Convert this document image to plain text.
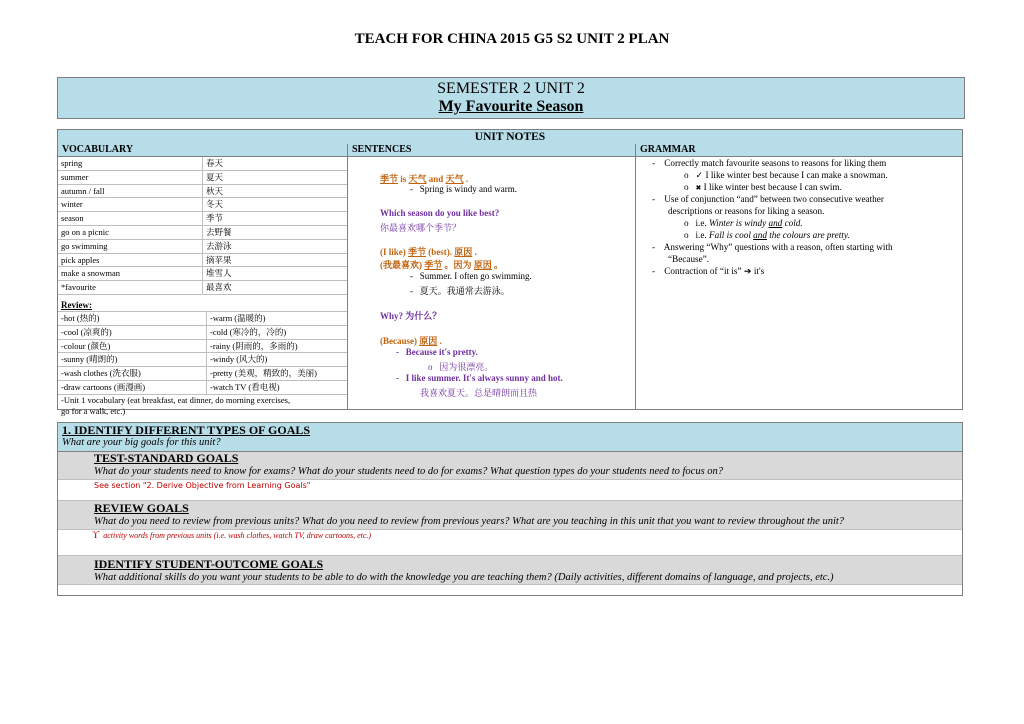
TEACH FOR CHINA 2015 G5 S2 UNIT 2 PLAN
SEMESTER 2 UNIT 2
My Favourite Season
UNIT NOTES
VOCABULARY
spring	春天
summer	夏天
autumn / fall	秋天
winter	冬天
season	季节
go on a picnic	去野餐
go swimming	去游泳
pick apples	摘苹果
make a snowman	堆雪人
*favourite	最喜欢
Review:
-hot (热的)	-warm (温暖的)
-cool (凉爽的)	-cold (寒冷的，冷的)
-colour (颜色)	-rainy (阴雨的，多雨的)
-sunny (晴朗的)	-windy (风大的)
-wash clothes (洗衣服)	-pretty (美观，精致的，美丽)
-draw cartoons (画漫画)	-watch TV (看电视)
-Unit 1 vocabulary (eat breakfast, eat dinner, do morning exercises,
go for a walk, etc.)
SENTENCES
季节 is 天气 and 天气 .
- Spring is windy and warm.
Which season do you like best?
你最喜欢哪个季节？
(I like) 季节 (best). 原因 .
(我最喜欢) 季节 。因为 原因 。
- Summer. I often go swimming.
- 夏天。我通常去游泳。
Why? 为什么？
(Because) 原因 .
- Because it's pretty.
o 因为很漂亮。
- I like summer. It's always sunny and hot.
我喜欢夏天。总是晴朗而且热
GRAMMAR
- Correctly match favourite seasons to reasons for liking them
o ✓ I like winter best because I can make a snowman.
o ✖ I like winter best because I can swim.
- Use of conjunction “and” between two consecutive weather
descriptions or reasons for liking a season.
o i.e. Winter is windy and cold.
o i.e. Fall is cool and the colours are pretty.
- Answering “Why” questions with a reason, often starting with
“Because”.
- Contraction of “it is” ➔ it's
1. IDENTIFY DIFFERENT TYPES OF GOALS
What are your big goals for this unit?
TEST-STANDARD GOALS
What do your students need to know for exams? What do your students need to do for exams? What question types do your students need to focus on?
See section "2. Derive Objective from Learning Goals"
REVIEW GOALS
What do you need to review from previous units? What do you need to review from previous years? What are you teaching in this unit that you want to review throughout the unit?
ϒ activity words from previous units (i.e. wash clothes, watch TV, draw cartoons, etc.)
IDENTIFY STUDENT-OUTCOME GOALS
What additional skills do you want your students to be able to do with the knowledge you are teaching them? (Daily activities, different domains of language, and projects, etc.)
